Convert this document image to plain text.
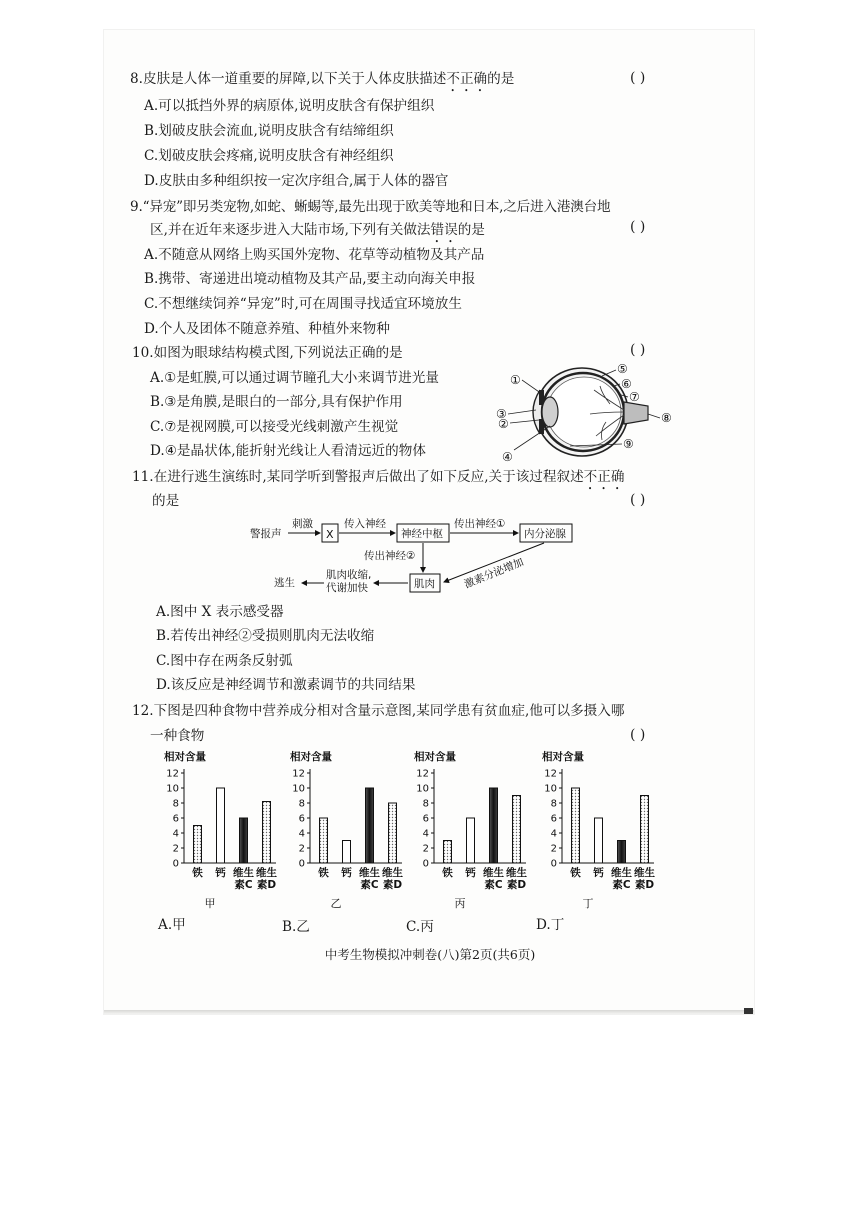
8.皮肤是人体一道重要的屏障,以下关于人体皮肤描述不正确的是	( )
A.可以抵挡外界的病原体,说明皮肤含有保护组织
B.划破皮肤会流血,说明皮肤含有结缔组织
C.划破皮肤会疼痛,说明皮肤含有神经组织
D.皮肤由多种组织按一定次序组合,属于人体的器官
9.“异宠”即另类宠物,如蛇、蜥蜴等,最先出现于欧美等地和日本,之后进入港澳台地
区,并在近年来逐步进入大陆市场,下列有关做法错误的是	( )
A.不随意从网络上购买国外宠物、花草等动植物及其产品
B.携带、寄递进出境动植物及其产品,要主动向海关申报
C.不想继续饲养“异宠”时,可在周围寻找适宜环境放生
D.个人及团体不随意养殖、种植外来物种
10.如图为眼球结构模式图,下列说法正确的是	( )
A.①是虹膜,可以通过调节瞳孔大小来调节进光量
B.③是角膜,是眼白的一部分,具有保护作用
C.⑦是视网膜,可以接受光线刺激产生视觉
D.④是晶状体,能折射光线让人看清远近的物体
①
②
③
④
⑤
⑥
⑦
⑧
⑨
11.在进行逃生演练时,某同学听到警报声后做出了如下反应,关于该过程叙述不正确
的是	( )
警报声
刺激	传入神经	传出神经①
传出神经②
肌肉收缩,
代谢加快
逃生	激素分泌增加
X	神经中枢	内分泌腺
肌肉
A.图中 X 表示感受器
B.若传出神经②受损则肌肉无法收缩
C.图中存在两条反射弧
D.该反应是神经调节和激素调节的共同结果
12.下图是四种食物中营养成分相对含量示意图,某同学患有贫血症,他可以多摄入哪
一种食物	( )
相对含量
0
2
4
6
8
10
12
铁 钙 维生
素C
维生
素D
甲
相对含量
0
2
4
6
8
10
12
铁 钙 维生
素C
维生
素D
乙
相对含量
0
2
4
6
8
10
12
铁 钙 维生
素C
维生
素D
丙
相对含量
0
2
4
6
8
10
12
铁 钙 维生
素C
维生
素D
丁
A.甲	B.乙	C.丙	D.丁
中考生物模拟冲刺卷(八)第2页(共6页)
